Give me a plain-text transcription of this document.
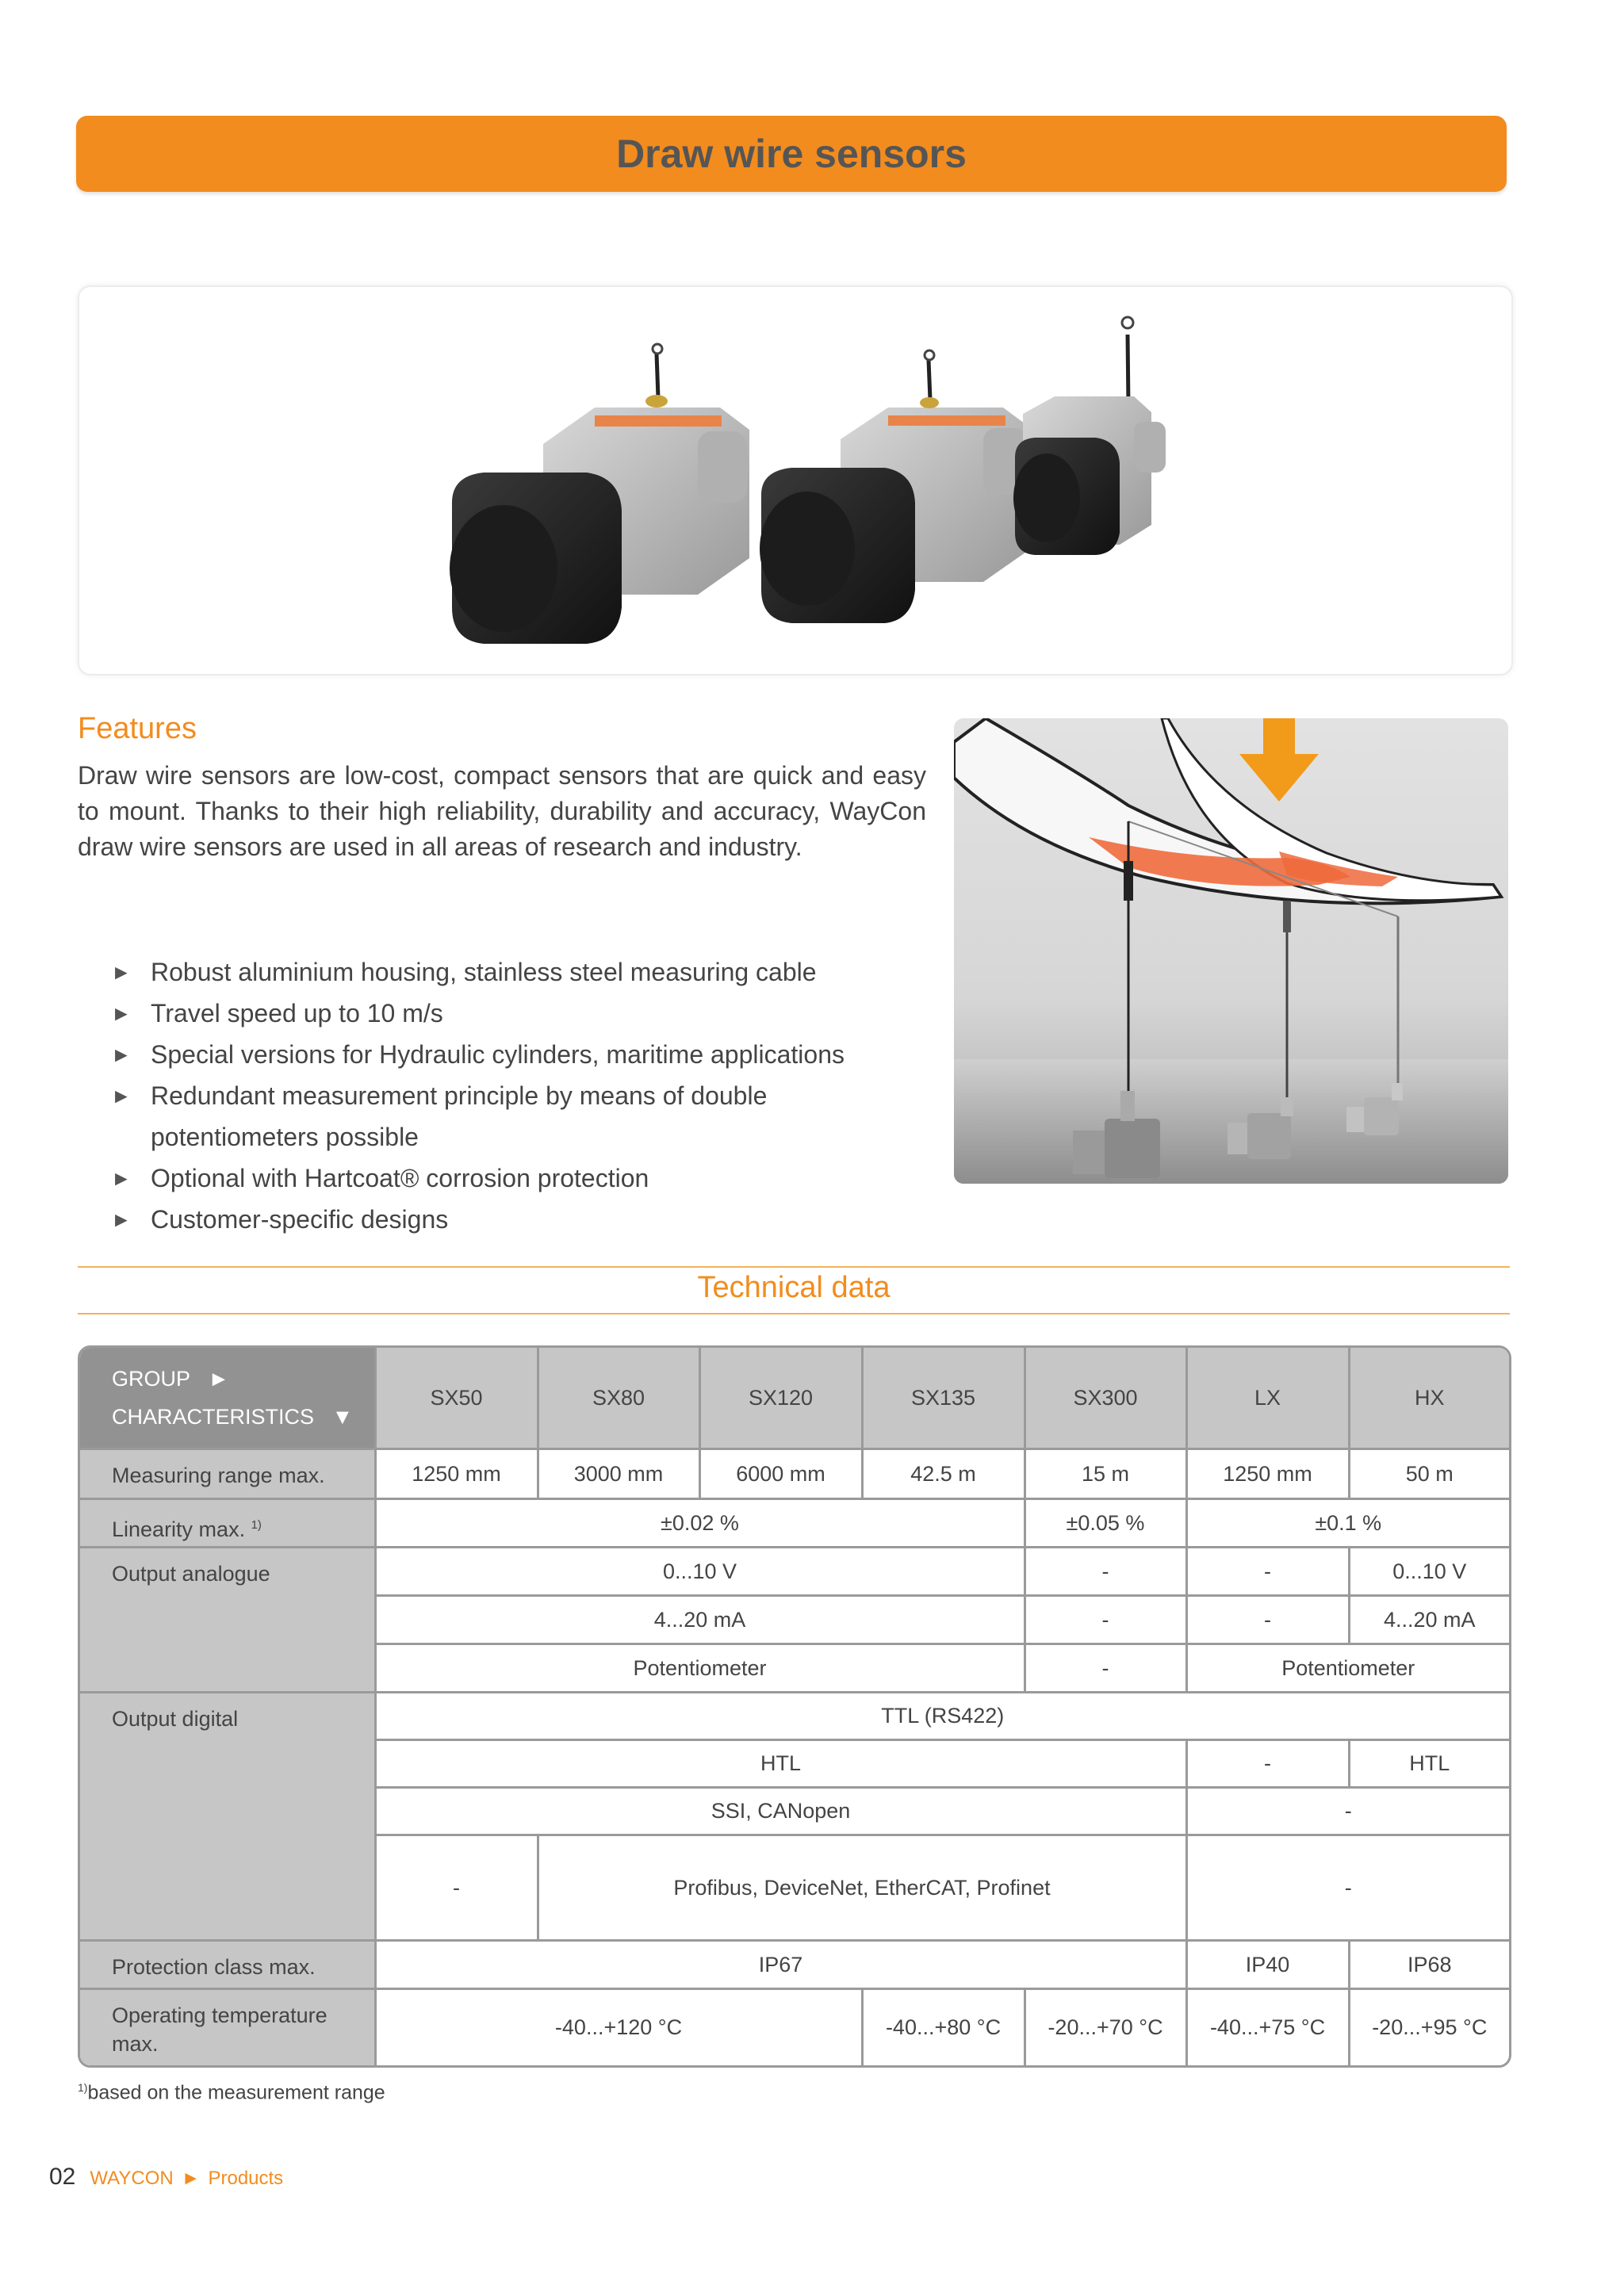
Draw wire sensors
Features

Draw wire sensors are low-cost, compact sensors that are quick and easy to mount. Thanks to their high reliability, durability and accuracy, WayCon draw wire sensors are used in all areas of research and industry.

► Robust aluminium housing, stainless steel measuring cable
► Travel speed up to 10 m/s
► Special versions for Hydraulic cylinders, maritime applications
► Redundant measurement principle by means of double potentiometers possible
► Optional with Hartcoat® corrosion protection
► Customer-specific designs
Technical data
GROUP ►
CHARACTERISTICS ▼	SX50	SX80	SX120	SX135	SX300	LX	HX
Measuring range max.	1250 mm	3000 mm	6000 mm	42.5 m	15 m	1250 mm	50 m
Linearity max. $^{1)}$	±0.02 %				±0.05 %	±0.1 %	
Output analogue	0...10 V				-	-	0...10 V
	4...20 mA				-	-	4...20 mA
	Potentiometer				-	Potentiometer	
Output digital	TTL (RS422)						
	HTL					-	HTL
	SSI, CANopen					-	
	-	Profibus, DeviceNet, EtherCAT, Profinet				-	
Protection class max.	IP67					IP40	IP68
Operating temperature max.	-40...+120 °C			-40...+80 °C	-20...+70 °C	-40...+75 °C	-20...+95 °C

$^{1)}$based on the measurement range

02 WAYCON ► Products
